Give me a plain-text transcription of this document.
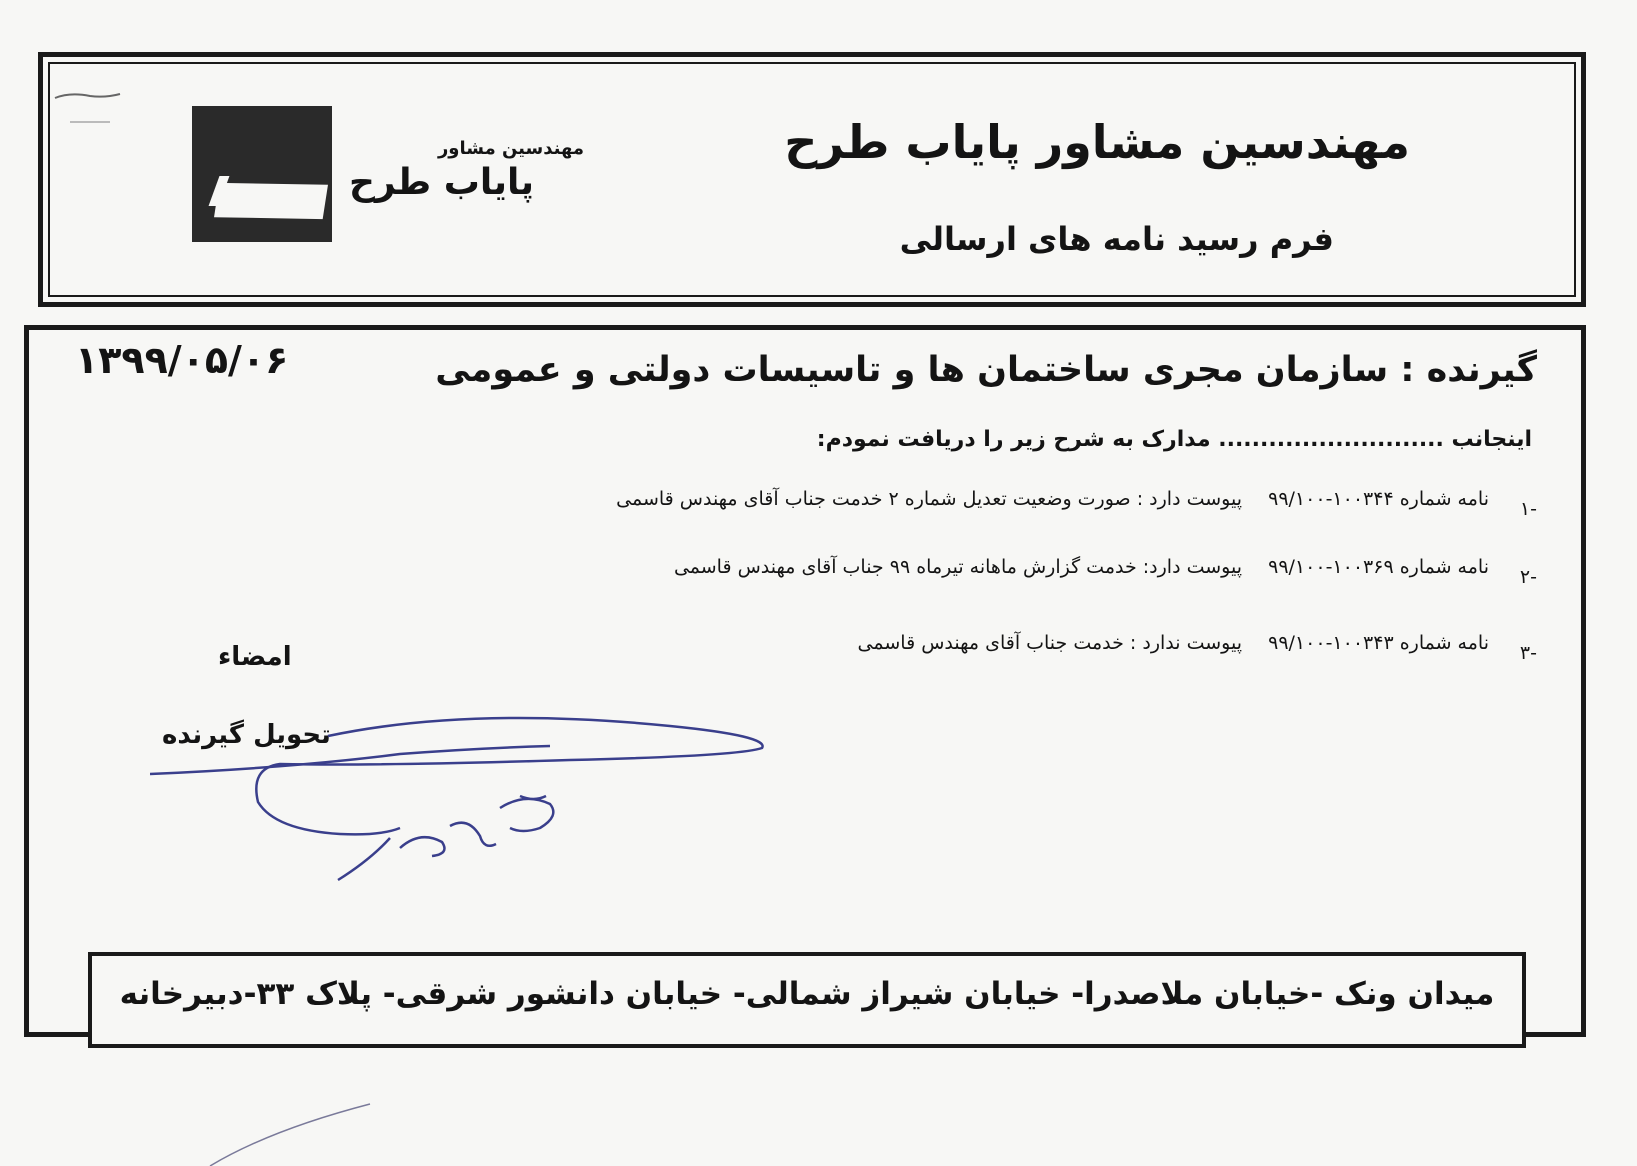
مهندسین مشاور
پایاب طرح
مهندسین مشاور پایاب طرح
فرم رسید نامه های ارسالی
۱۳۹۹/۰۵/۰۶	گیرنده : سازمان مجری ساختمان ها و تاسیسات دولتی و عمومی
اینجانب ........................... مدارک به شرح زیر را دریافت نمودم:
-۱
نامه شماره ۱۰۰۳۴۴-۹۹/۱۰۰
پیوست دارد : صورت وضعیت تعدیل شماره ۲ خدمت جناب آقای مهندس قاسمی
-۲
نامه شماره ۱۰۰۳۶۹-۹۹/۱۰۰
پیوست دارد: خدمت گزارش ماهانه تیرماه ۹۹ جناب آقای مهندس قاسمی
-۳
نامه شماره ۱۰۰۳۴۳-۹۹/۱۰۰
پیوست ندارد : خدمت جناب آقای مهندس قاسمی
امضاء
تحویل گیرنده
میدان ونک -خیابان ملاصدرا- خیابان شیراز شمالی- خیابان دانشور شرقی- پلاک ۳۳-دبیرخانه
